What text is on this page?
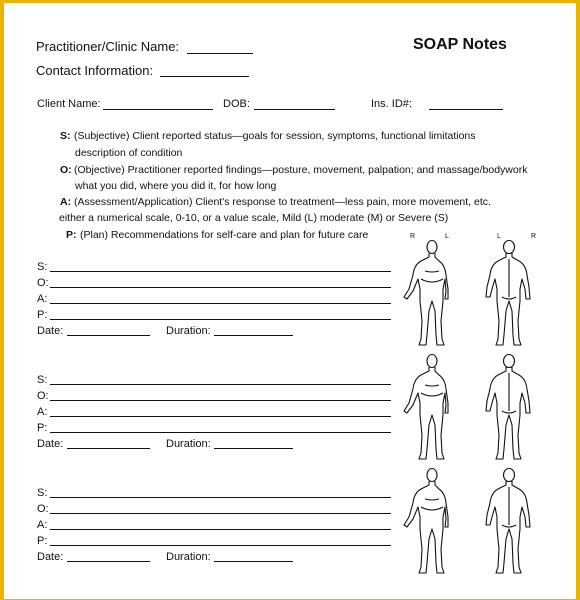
Practitioner/Clinic Name:
Contact Information:
SOAP Notes
Client Name:	DOB:	Ins. ID#:
S: (Subjective) Client reported status—goals for session, symptoms, functional limitations
description of condition
O: (Objective) Practitioner reported findings—posture, movement, palpation; and massage/bodywork
what you did, where you did it, for how long
A: (Assessment/Application) Client's response to treatment—less pain, more movement, etc.
either a numerical scale, 0-10, or a value scale, Mild (L) moderate (M) or Severe (S)
P: (Plan) Recommendations for self-care and plan for future care	R	L	L	R
S:
O:
A:
P:
Date:	Duration:
S:
O:
A:
P:
Date:	Duration:
S:
O:
A:
P:
Date:	Duration:
